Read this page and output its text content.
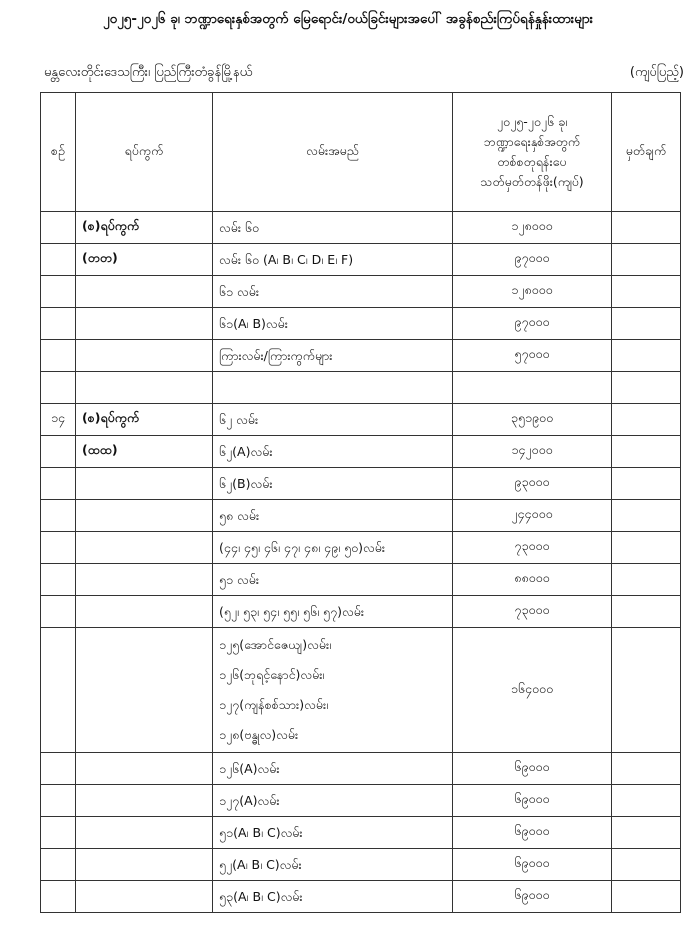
၂၀၂၅-၂၀၂၆ ခု၊ ဘဏ္ဍာရေးနှစ်အတွက် မြေရောင်း/ဝယ်ခြင်းများအပေါ် အခွန်စည်းကြပ်ရန်နှုန်းထားများ
မန္တလေးတိုင်းဒေသကြီး၊ ပြည်ကြီးတံခွန်မြို့နယ်	(ကျပ်ပြည့်)
စဉ်	ရပ်ကွက်	လမ်းအမည်	၂၀၂၅-၂၀၂၆ ခု၊
ဘဏ္ဍာရေးနှစ်အတွက်
တစ်စတုရန်းပေ
သတ်မှတ်တန်ဖိုး(ကျပ်)	မှတ်ချက်
	(စ)ရပ်ကွက်	လမ်း ၆၀	၁၂၈၀၀၀	
	(တတ)	လမ်း ၆၀ (A၊ B၊ C၊ D၊ E၊ F)	၉၇၀၀၀	

		၆၁ လမ်း	၁၂၈၀၀၀	

		၆၁(A၊ B)လမ်း	၉၇၀၀၀	

		ကြားလမ်း/ကြားကွက်များ	၅၇၀၀၀	

၁၄	(စ)ရပ်ကွက်	၆၂ လမ်း	၃၅၁၉၀၀	
	(ထထ)	၆၂(A)လမ်း	၁၄၂၀၀၀	

		၆၂(B)လမ်း	၉၃၀၀၀	

		၅၈ လမ်း	၂၄၄၀၀၀	

		(၄၄၊ ၄၅၊ ၄၆၊ ၄၇၊ ၄၈၊ ၄၉၊ ၅၀)လမ်း	၇၃၀၀၀	

		၅၁ လမ်း	၈၈၀၀၀	

		(၅၂၊ ၅၃၊ ၅၄၊ ၅၅၊ ၅၆၊ ၅၇)လမ်း	၇၃၀၀၀	

		၁၂၅(အောင်ဇေယျ)လမ်း၊
၁၂၆(ဘုရင့်နောင်)လမ်း၊
၁၂၇(ကျန်စစ်သား)လမ်း၊
၁၂၈(ဗန္ဓုလ)လမ်း	၁၆၄၀၀၀	

		၁၂၆(A)လမ်း	၆၉၀၀၀	

		၁၂၇(A)လမ်း	၆၉၀၀၀	

		၅၁(A၊ B၊ C)လမ်း	၆၉၀၀၀	

		၅၂(A၊ B၊ C)လမ်း	၆၉၀၀၀	

		၅၃(A၊ B၊ C)လမ်း	၆၉၀၀၀	
